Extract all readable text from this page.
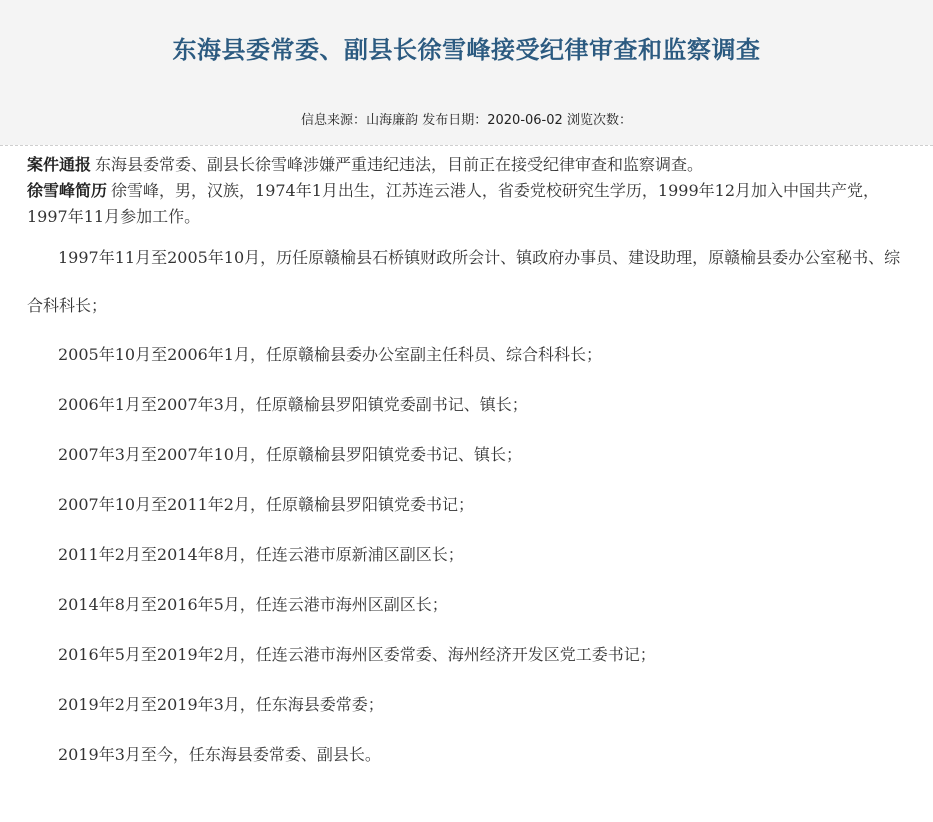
东海县委常委、副县长徐雪峰接受纪律审查和监察调查
信息来源：山海廉韵 发布日期：2020-06-02 浏览次数：

案件通报 东海县委常委、副县长徐雪峰涉嫌严重违纪违法，目前正在接受纪律审查和监察调查。

徐雪峰简历 徐雪峰，男，汉族，1974年1月出生，江苏连云港人，省委党校研究生学历，1999年12月加入中国共产党，1997年11月参加工作。

1997年11月至2005年10月，历任原赣榆县石桥镇财政所会计、镇政府办事员、建设助理，原赣榆县委办公室秘书、综合科科长；
2005年10月至2006年1月，任原赣榆县委办公室副主任科员、综合科科长；
2006年1月至2007年3月，任原赣榆县罗阳镇党委副书记、镇长；
2007年3月至2007年10月，任原赣榆县罗阳镇党委书记、镇长；
2007年10月至2011年2月，任原赣榆县罗阳镇党委书记；
2011年2月至2014年8月，任连云港市原新浦区副区长；
2014年8月至2016年5月，任连云港市海州区副区长；
2016年5月至2019年2月，任连云港市海州区委常委、海州经济开发区党工委书记；
2019年2月至2019年3月，任东海县委常委；
2019年3月至今，任东海县委常委、副县长。
